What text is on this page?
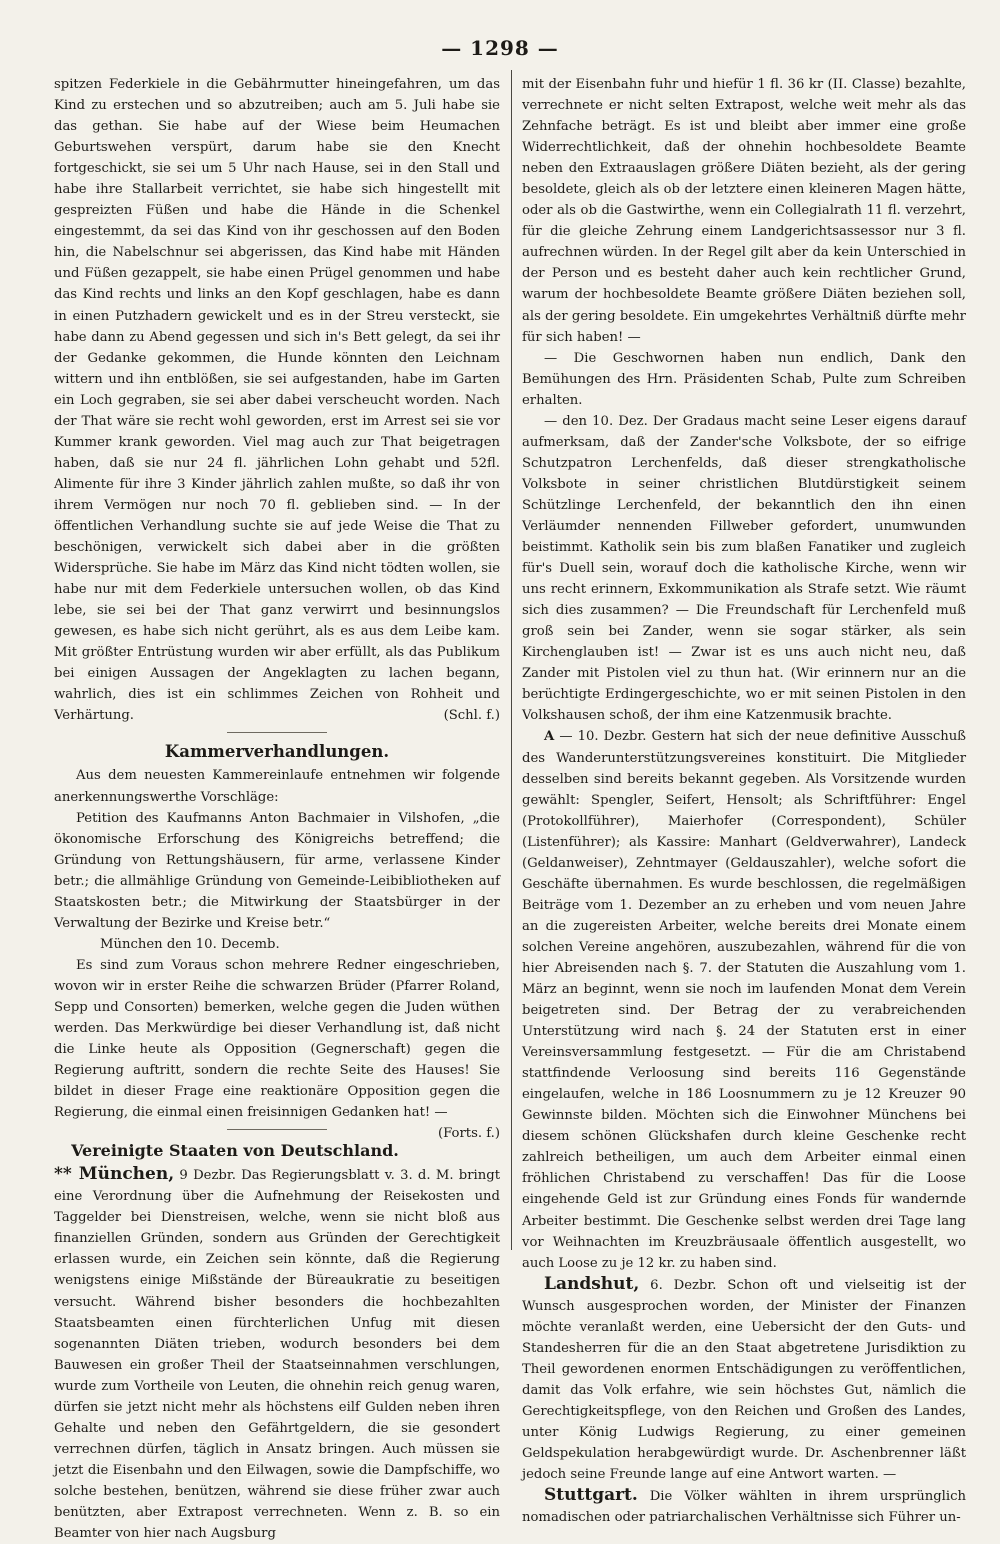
— 1298 —

spitzen Federkiele in die Gebährmutter hineingefahren, um das Kind zu erstechen und so abzutreiben; auch am 5. Juli habe sie das gethan. Sie habe auf der Wiese beim Heumachen Geburtswehen verspürt, darum habe sie den Knecht fortgeschickt, sie sei um 5 Uhr nach Hause, sei in den Stall und habe ihre Stallarbeit verrichtet, sie habe sich hingestellt mit gespreizten Füßen und habe die Hände in die Schenkel eingestemmt, da sei das Kind von ihr geschossen auf den Boden hin, die Nabelschnur sei abgerissen, das Kind habe mit Händen und Füßen gezappelt, sie habe einen Prügel genommen und habe das Kind rechts und links an den Kopf geschlagen, habe es dann in einen Putzhadern gewickelt und es in der Streu versteckt, sie habe dann zu Abend gegessen und sich in's Bett gelegt, da sei ihr der Gedanke gekommen, die Hunde könnten den Leichnam wittern und ihn entblößen, sie sei aufgestanden, habe im Garten ein Loch gegraben, sie sei aber dabei verscheucht worden. Nach der That wäre sie recht wohl geworden, erst im Arrest sei sie vor Kummer krank geworden. Viel mag auch zur That beigetragen haben, daß sie nur 24 fl. jährlichen Lohn gehabt und 52fl. Alimente für ihre 3 Kinder jährlich zahlen mußte, so daß ihr von ihrem Vermögen nur noch 70 fl. geblieben sind. — In der öffentlichen Verhandlung suchte sie auf jede Weise die That zu beschönigen, verwickelt sich dabei aber in die größten Widersprüche. Sie habe im März das Kind nicht tödten wollen, sie habe nur mit dem Federkiele untersuchen wollen, ob das Kind lebe, sie sei bei der That ganz verwirrt und besinnungslos gewesen, es habe sich nicht gerührt, als es aus dem Leibe kam. Mit größter Entrüstung wurden wir aber erfüllt, als das Publikum bei einigen Aussagen der Angeklagten zu lachen begann, wahrlich, dies ist ein schlimmes Zeichen von Rohheit und Verhärtung.	(Schl. f.)

Kammerverhandlungen.

Aus dem neuesten Kammereinlaufe entnehmen wir folgende anerkennungswerthe Vorschläge:

Petition des Kaufmanns Anton Bachmaier in Vilshofen, „die ökonomische Erforschung des Königreichs betreffend; die Gründung von Rettungshäusern, für arme, verlassene Kinder betr.; die allmählige Gründung von Gemeinde-Leibibliotheken auf Staatskosten betr.; die Mitwirkung der Staatsbürger in der Verwaltung der Bezirke und Kreise betr.“

München den 10. Decemb.

Es sind zum Voraus schon mehrere Redner eingeschrieben, wovon wir in erster Reihe die schwarzen Brüder (Pfarrer Roland, Sepp und Consorten) bemerken, welche gegen die Juden wüthen werden. Das Merkwürdige bei dieser Verhandlung ist, daß nicht die Linke heute als Opposition (Gegnerschaft) gegen die Regierung auftritt, sondern die rechte Seite des Hauses! Sie bildet in dieser Frage eine reaktionäre Opposition gegen die Regierung, die einmal einen freisinnigen Gedanken hat! —
(Forts. f.)

Vereinigte Staaten von Deutschland.

** München, 9 Dezbr. Das Regierungsblatt v. 3. d. M. bringt eine Verordnung über die Aufnehmung der Reisekosten und Taggelder bei Dienstreisen, welche, wenn sie nicht bloß aus finanziellen Gründen, sondern aus Gründen der Gerechtigkeit erlassen wurde, ein Zeichen sein könnte, daß die Regierung wenigstens einige Mißstände der Büreaukratie zu beseitigen versucht. Während bisher besonders die hochbezahlten Staatsbeamten einen fürchterlichen Unfug mit diesen sogenannten Diäten trieben, wodurch besonders bei dem Bauwesen ein großer Theil der Staatseinnahmen verschlungen, wurde zum Vortheile von Leuten, die ohnehin reich genug waren, dürfen sie jetzt nicht mehr als höchstens eilf Gulden neben ihren Gehalte und neben den Gefährtgeldern, die sie gesondert verrechnen dürfen, täglich in Ansatz bringen. Auch müssen sie jetzt die Eisenbahn und den Eilwagen, sowie die Dampfschiffe, wo solche bestehen, benützen, während sie diese früher zwar auch benützten, aber Extrapost verrechneten. Wenn z. B. so ein Beamter von hier nach Augsburg

mit der Eisenbahn fuhr und hiefür 1 fl. 36 kr (II. Classe) bezahlte, verrechnete er nicht selten Extrapost, welche weit mehr als das Zehnfache beträgt. Es ist und bleibt aber immer eine große Widerrechtlichkeit, daß der ohnehin hochbesoldete Beamte neben den Extraauslagen größere Diäten bezieht, als der gering besoldete, gleich als ob der letztere einen kleineren Magen hätte, oder als ob die Gastwirthe, wenn ein Collegialrath 11 fl. verzehrt, für die gleiche Zehrung einem Landgerichtsassessor nur 3 fl. aufrechnen würden. In der Regel gilt aber da kein Unterschied in der Person und es besteht daher auch kein rechtlicher Grund, warum der hochbesoldete Beamte größere Diäten beziehen soll, als der gering besoldete. Ein umgekehrtes Verhältniß dürfte mehr für sich haben! —

— Die Geschwornen haben nun endlich, Dank den Bemühungen des Hrn. Präsidenten Schab, Pulte zum Schreiben erhalten.

— den 10. Dez. Der Gradaus macht seine Leser eigens darauf aufmerksam, daß der Zander'sche Volksbote, der so eifrige Schutzpatron Lerchenfelds, daß dieser strengkatholische Volksbote in seiner christlichen Blutdürstigkeit seinem Schützlinge Lerchenfeld, der bekanntlich den ihn einen Verläumder nennenden Fillweber gefordert, unumwunden beistimmt. Katholik sein bis zum blaßen Fanatiker und zugleich für's Duell sein, worauf doch die katholische Kirche, wenn wir uns recht erinnern, Exkommunikation als Strafe setzt. Wie räumt sich dies zusammen? — Die Freundschaft für Lerchenfeld muß groß sein bei Zander, wenn sie sogar stärker, als sein Kirchenglauben ist! — Zwar ist es uns auch nicht neu, daß Zander mit Pistolen viel zu thun hat. (Wir erinnern nur an die berüchtigte Erdingergeschichte, wo er mit seinen Pistolen in den Volkshausen schoß, der ihm eine Katzenmusik brachte.

A — 10. Dezbr. Gestern hat sich der neue definitive Ausschuß des Wanderunterstützungsvereines konstituirt. Die Mitglieder desselben sind bereits bekannt gegeben. Als Vorsitzende wurden gewählt: Spengler, Seifert, Hensolt; als Schriftführer: Engel (Protokollführer), Maierhofer (Correspondent), Schüler (Listenführer); als Kassire: Manhart (Geldverwahrer), Landeck (Geldanweiser), Zehntmayer (Geldauszahler), welche sofort die Geschäfte übernahmen. Es wurde beschlossen, die regelmäßigen Beiträge vom 1. Dezember an zu erheben und vom neuen Jahre an die zugereisten Arbeiter, welche bereits drei Monate einem solchen Vereine angehören, auszubezahlen, während für die von hier Abreisenden nach §. 7. der Statuten die Auszahlung vom 1. März an beginnt, wenn sie noch im laufenden Monat dem Verein beigetreten sind. Der Betrag der zu verabreichenden Unterstützung wird nach §. 24 der Statuten erst in einer Vereinsversammlung festgesetzt. — Für die am Christabend stattfindende Verloosung sind bereits 116 Gegenstände eingelaufen, welche in 186 Loosnummern zu je 12 Kreuzer 90 Gewinnste bilden. Möchten sich die Einwohner Münchens bei diesem schönen Glückshafen durch kleine Geschenke recht zahlreich betheiligen, um auch dem Arbeiter einmal einen fröhlichen Christabend zu verschaffen! Das für die Loose eingehende Geld ist zur Gründung eines Fonds für wandernde Arbeiter bestimmt. Die Geschenke selbst werden drei Tage lang vor Weihnachten im Kreuzbräusaale öffentlich ausgestellt, wo auch Loose zu je 12 kr. zu haben sind.

Landshut, 6. Dezbr. Schon oft und vielseitig ist der Wunsch ausgesprochen worden, der Minister der Finanzen möchte veranlaßt werden, eine Uebersicht der den Guts- und Standesherren für die an den Staat abgetretene Jurisdiktion zu Theil gewordenen enormen Entschädigungen zu veröffentlichen, damit das Volk erfahre, wie sein höchstes Gut, nämlich die Gerechtigkeitspflege, von den Reichen und Großen des Landes, unter König Ludwigs Regierung, zu einer gemeinen Geldspekulation herabgewürdigt wurde. Dr. Aschenbrenner läßt jedoch seine Freunde lange auf eine Antwort warten. —

Stuttgart. Die Völker wählten in ihrem ursprünglich nomadischen oder patriarchalischen Verhältnisse sich Führer un-
